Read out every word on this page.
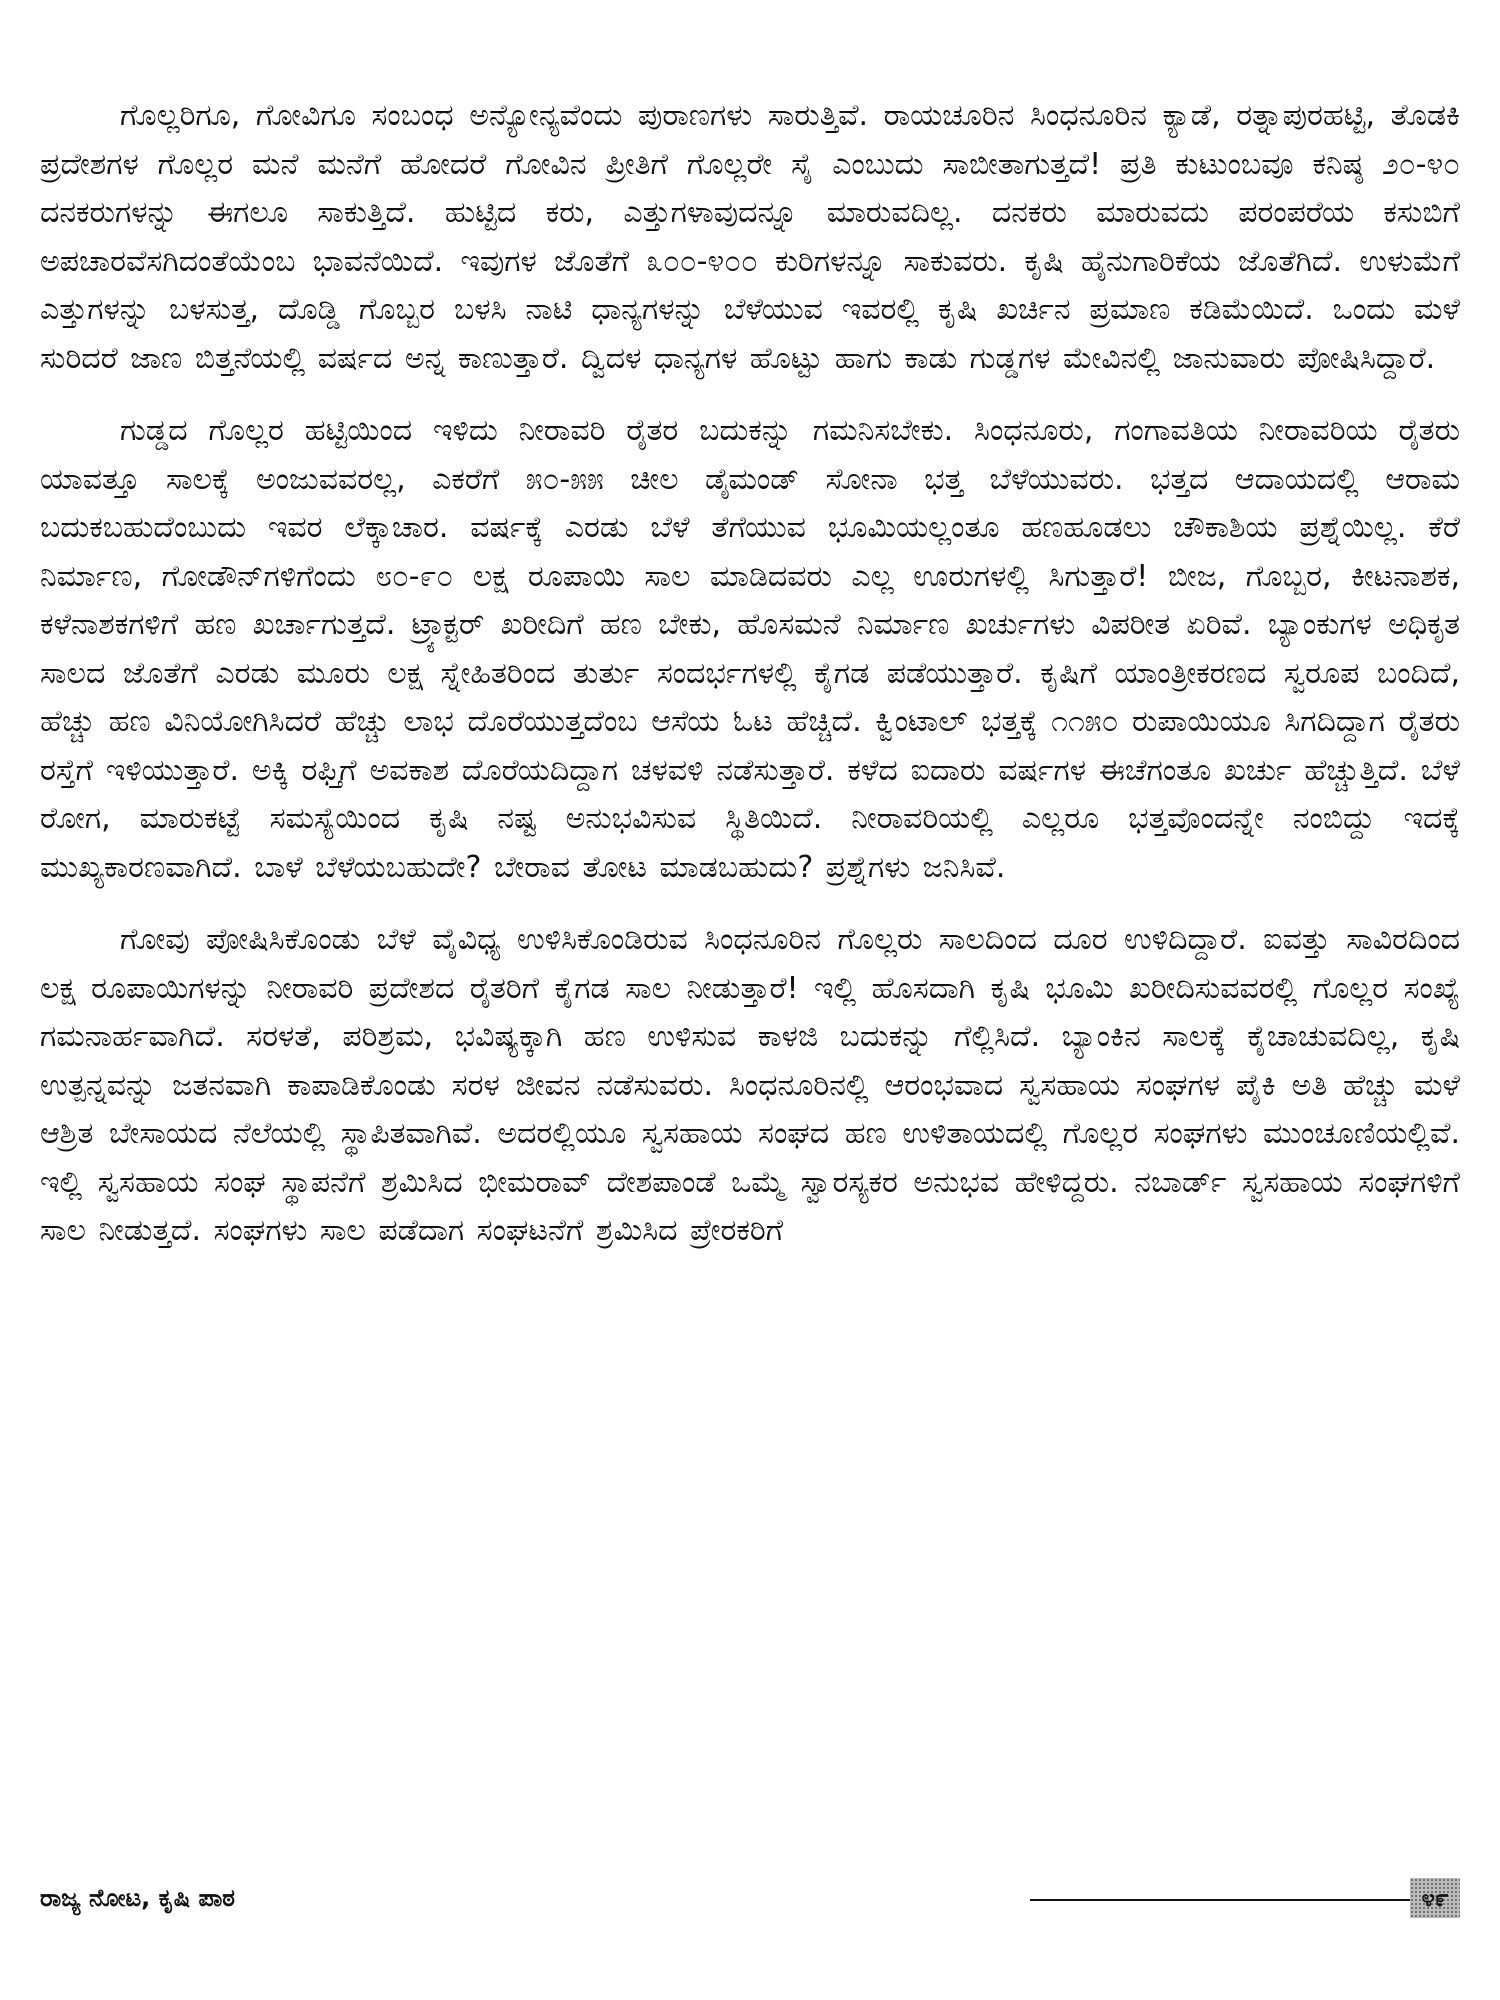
ಗೊಲ್ಲರಿಗೂ, ಗೋವಿಗೂ ಸಂಬಂಧ ಅನ್ಯೋನ್ಯವೆಂದು ಪುರಾಣಗಳು ಸಾರುತ್ತಿವೆ. ರಾಯಚೂರಿನ ಸಿಂಧನೂರಿನ ಕ್ಯಾಡೆ, ರತ್ನಾಪುರಹಟ್ಟಿ, ತೊಡಕಿ ಪ್ರದೇಶಗಳ ಗೊಲ್ಲರ ಮನೆ ಮನೆಗೆ ಹೋದರೆ ಗೋವಿನ ಪ್ರೀತಿಗೆ ಗೊಲ್ಲರೇ ಸೈ ಎಂಬುದು ಸಾಬೀತಾಗುತ್ತದೆ! ಪ್ರತಿ ಕುಟುಂಬವೂ ಕನಿಷ್ಠ ೨೦-೪೦ ದನಕರುಗಳನ್ನು ಈಗಲೂ ಸಾಕುತ್ತಿದೆ. ಹುಟ್ಟಿದ ಕರು, ಎತ್ತುಗಳಾವುದನ್ನೂ ಮಾರುವದಿಲ್ಲ. ದನಕರು ಮಾರುವದು ಪರಂಪರೆಯ ಕಸುಬಿಗೆ ಅಪಚಾರವೆಸಗಿದಂತೆಯೆಂಬ ಭಾವನೆಯಿದೆ. ಇವುಗಳ ಜೊತೆಗೆ ೩೦೦-೪೦೦ ಕುರಿಗಳನ್ನೂ ಸಾಕುವರು. ಕೃಷಿ ಹೈನುಗಾರಿಕೆಯ ಜೊತೆಗಿದೆ. ಉಳುಮೆಗೆ ಎತ್ತುಗಳನ್ನು ಬಳಸುತ್ತ, ದೊಡ್ಡಿ ಗೊಬ್ಬರ ಬಳಸಿ ನಾಟಿ ಧಾನ್ಯಗಳನ್ನು ಬೆಳೆಯುವ ಇವರಲ್ಲಿ ಕೃಷಿ ಖರ್ಚಿನ ಪ್ರಮಾಣ ಕಡಿಮೆಯಿದೆ. ಒಂದು ಮಳೆ ಸುರಿದರೆ ಜಾಣ ಬಿತ್ತನೆಯಲ್ಲಿ ವರ್ಷದ ಅನ್ನ ಕಾಣುತ್ತಾರೆ. ದ್ವಿದಳ ಧಾನ್ಯಗಳ ಹೊಟ್ಟು ಹಾಗು ಕಾಡು ಗುಡ್ಡಗಳ ಮೇವಿನಲ್ಲಿ ಜಾನುವಾರು ಪೋಷಿಸಿದ್ದಾರೆ.

ಗುಡ್ಡದ ಗೊಲ್ಲರ ಹಟ್ಟಿಯಿಂದ ಇಳಿದು ನೀರಾವರಿ ರೈತರ ಬದುಕನ್ನು ಗಮನಿಸಬೇಕು. ಸಿಂಧನೂರು, ಗಂಗಾವತಿಯ ನೀರಾವರಿಯ ರೈತರು ಯಾವತ್ತೂ ಸಾಲಕ್ಕೆ ಅಂಜುವವರಲ್ಲ, ಎಕರೆಗೆ ೫೦-೫೫ ಚೀಲ ಡೈಮಂಡ್ ಸೋನಾ ಭತ್ತ ಬೆಳೆಯುವರು. ಭತ್ತದ ಆದಾಯದಲ್ಲಿ ಆರಾಮ ಬದುಕಬಹುದೆಂಬುದು ಇವರ ಲೆಕ್ಕಾಚಾರ. ವರ್ಷಕ್ಕೆ ಎರಡು ಬೆಳೆ ತೆಗೆಯುವ ಭೂಮಿಯಲ್ಲಂತೂ ಹಣಹೂಡಲು ಚೌಕಾಶಿಯ ಪ್ರಶ್ನೆಯಿಲ್ಲ. ಕೆರೆ ನಿರ್ಮಾಣ, ಗೋಡೌನ್‌ಗಳಿಗೆಂದು ೮೦-೯೦ ಲಕ್ಷ ರೂಪಾಯಿ ಸಾಲ ಮಾಡಿದವರು ಎಲ್ಲ ಊರುಗಳಲ್ಲಿ ಸಿಗುತ್ತಾರೆ! ಬೀಜ, ಗೊಬ್ಬರ, ಕೀಟನಾಶಕ, ಕಳೆನಾಶಕಗಳಿಗೆ ಹಣ ಖರ್ಚಾಗುತ್ತದೆ. ಟ್ರ್ಯಾಕ್ಟರ್ ಖರೀದಿಗೆ ಹಣ ಬೇಕು, ಹೊಸಮನೆ ನಿರ್ಮಾಣ ಖರ್ಚುಗಳು ವಿಪರೀತ ಏರಿವೆ. ಬ್ಯಾಂಕುಗಳ ಅಧಿಕೃತ ಸಾಲದ ಜೊತೆಗೆ ಎರಡು ಮೂರು ಲಕ್ಷ ಸ್ನೇಹಿತರಿಂದ ತುರ್ತು ಸಂದರ್ಭಗಳಲ್ಲಿ ಕೈಗಡ ಪಡೆಯುತ್ತಾರೆ. ಕೃಷಿಗೆ ಯಾಂತ್ರೀಕರಣದ ಸ್ವರೂಪ ಬಂದಿದೆ, ಹೆಚ್ಚು ಹಣ ವಿನಿಯೋಗಿಸಿದರೆ ಹೆಚ್ಚು ಲಾಭ ದೊರೆಯುತ್ತದೆಂಬ ಆಸೆಯ ಓಟ ಹೆಚ್ಚಿದೆ. ಕ್ವಿಂಟಾಲ್ ಭತ್ತಕ್ಕೆ ೧೧೫೦ ರುಪಾಯಿಯೂ ಸಿಗದಿದ್ದಾಗ ರೈತರು ರಸ್ತೆಗೆ ಇಳಿಯುತ್ತಾರೆ. ಅಕ್ಕಿ ರಫ್ತಿಗೆ ಅವಕಾಶ ದೊರೆಯದಿದ್ದಾಗ ಚಳವಳಿ ನಡೆಸುತ್ತಾರೆ. ಕಳೆದ ಐದಾರು ವರ್ಷಗಳ ಈಚೆಗಂತೂ ಖರ್ಚು ಹೆಚ್ಚುತ್ತಿದೆ. ಬೆಳೆ ರೋಗ, ಮಾರುಕಟ್ಟೆ ಸಮಸ್ಯೆಯಿಂದ ಕೃಷಿ ನಷ್ಟ ಅನುಭವಿಸುವ ಸ್ಥಿತಿಯಿದೆ. ನೀರಾವರಿಯಲ್ಲಿ ಎಲ್ಲರೂ ಭತ್ತವೊಂದನ್ನೇ ನಂಬಿದ್ದು ಇದಕ್ಕೆ ಮುಖ್ಯಕಾರಣವಾಗಿದೆ. ಬಾಳೆ ಬೆಳೆಯಬಹುದೇ? ಬೇರಾವ ತೋಟ ಮಾಡಬಹುದು? ಪ್ರಶ್ನೆಗಳು ಜನಿಸಿವೆ.

ಗೋವು ಪೋಷಿಸಿಕೊಂಡು ಬೆಳೆ ವೈವಿಧ್ಯ ಉಳಿಸಿಕೊಂಡಿರುವ ಸಿಂಧನೂರಿನ ಗೊಲ್ಲರು ಸಾಲದಿಂದ ದೂರ ಉಳಿದಿದ್ದಾರೆ. ಐವತ್ತು ಸಾವಿರದಿಂದ ಲಕ್ಷ ರೂಪಾಯಿಗಳನ್ನು ನೀರಾವರಿ ಪ್ರದೇಶದ ರೈತರಿಗೆ ಕೈಗಡ ಸಾಲ ನೀಡುತ್ತಾರೆ! ಇಲ್ಲಿ ಹೊಸದಾಗಿ ಕೃಷಿ ಭೂಮಿ ಖರೀದಿಸುವವರಲ್ಲಿ ಗೊಲ್ಲರ ಸಂಖ್ಯೆ ಗಮನಾರ್ಹವಾಗಿದೆ. ಸರಳತೆ, ಪರಿಶ್ರಮ, ಭವಿಷ್ಯಕ್ಕಾಗಿ ಹಣ ಉಳಿಸುವ ಕಾಳಜಿ ಬದುಕನ್ನು ಗೆಲ್ಲಿಸಿದೆ. ಬ್ಯಾಂಕಿನ ಸಾಲಕ್ಕೆ ಕೈಚಾಚುವದಿಲ್ಲ, ಕೃಷಿ ಉತ್ಪನ್ನವನ್ನು ಜತನವಾಗಿ ಕಾಪಾಡಿಕೊಂಡು ಸರಳ ಜೀವನ ನಡೆಸುವರು. ಸಿಂಧನೂರಿನಲ್ಲಿ ಆರಂಭವಾದ ಸ್ವಸಹಾಯ ಸಂಘಗಳ ಪೈಕಿ ಅತಿ ಹೆಚ್ಚು ಮಳೆ ಆಶ್ರಿತ ಬೇಸಾಯದ ನೆಲೆಯಲ್ಲಿ ಸ್ಥಾಪಿತವಾಗಿವೆ. ಅದರಲ್ಲಿಯೂ ಸ್ವಸಹಾಯ ಸಂಘದ ಹಣ ಉಳಿತಾಯದಲ್ಲಿ ಗೊಲ್ಲರ ಸಂಘಗಳು ಮುಂಚೂಣಿಯಲ್ಲಿವೆ. ಇಲ್ಲಿ ಸ್ವಸಹಾಯ ಸಂಘ ಸ್ಥಾಪನೆಗೆ ಶ್ರಮಿಸಿದ ಭೀಮರಾವ್ ದೇಶಪಾಂಡೆ ಒಮ್ಮೆ ಸ್ವಾರಸ್ಯಕರ ಅನುಭವ ಹೇಳಿದ್ದರು. ನಬಾರ್ಡ್ ಸ್ವಸಹಾಯ ಸಂಘಗಳಿಗೆ ಸಾಲ ನೀಡುತ್ತದೆ. ಸಂಘಗಳು ಸಾಲ ಪಡೆದಾಗ ಸಂಘಟನೆಗೆ ಶ್ರಮಿಸಿದ ಪ್ರೇರಕರಿಗೆ

ರಾಜ್ಯ ನೋಟ, ಕೃಷಿ ಪಾಠ	೪೯
